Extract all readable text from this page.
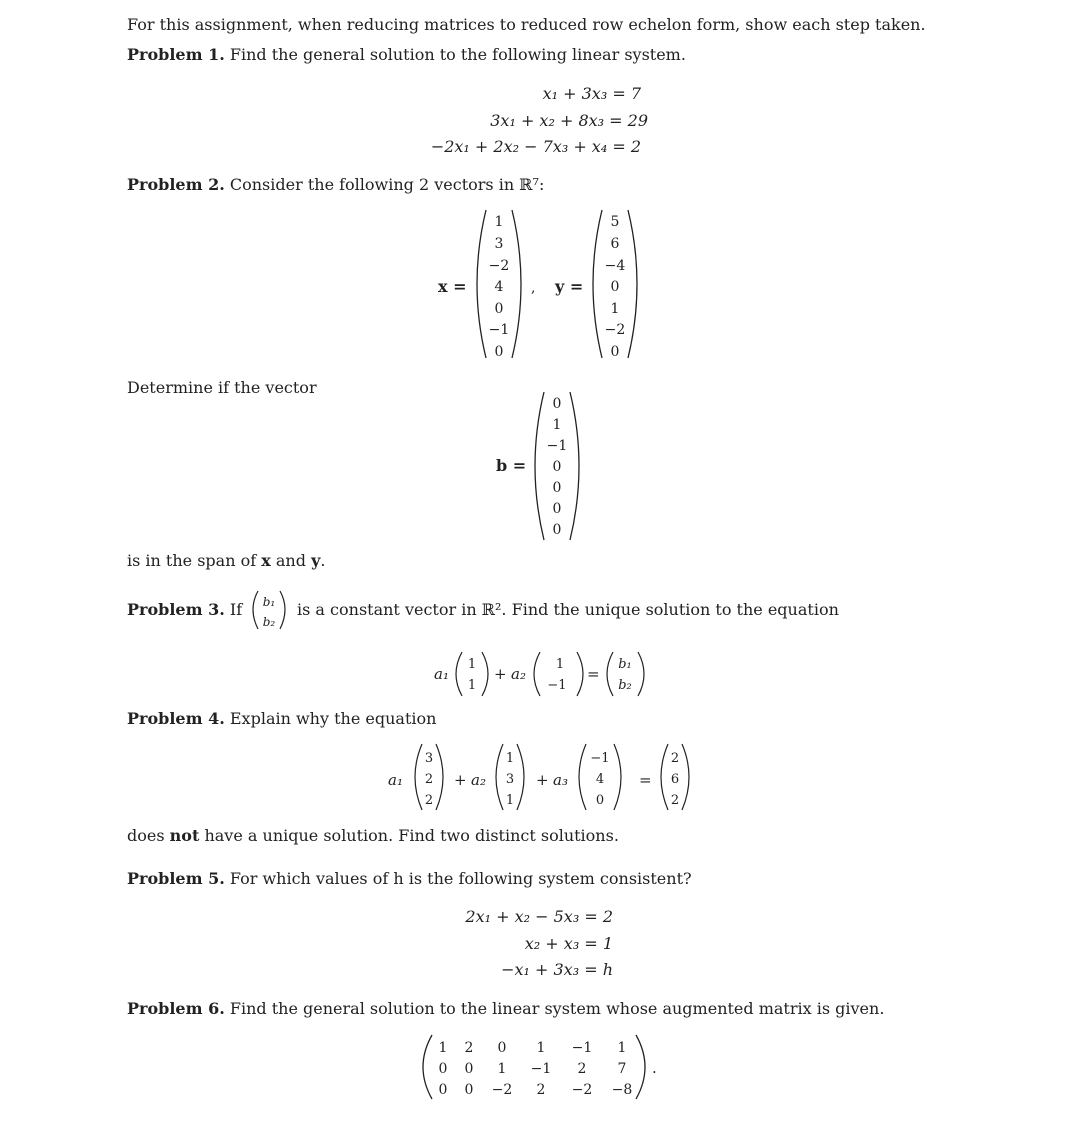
For this assignment, when reducing matrices to reduced row echelon form, show each step taken.
Problem 1. Find the general solution to the following linear system.
x₁ + 3x₃ = 7
3x₁ + x₂ + 8x₃ = 29
−2x₁ + 2x₂ − 7x₃ + x₄ = 2
Problem 2. Consider the following 2 vectors in ℝ⁷:
x =
1
3
−2
4
0
−1
0
, y =
5
6
−4
0
1
−2
0
b =
0
1
−1
0
0
0
0
b₁
b₂
a₁
1
1
+ a₂
1
−1
=
b₁
b₂
a₁
3
2
2
+ a₂
1
3
1
+ a₃
−1
4
0
=
2
6
2
1 2 0 1 −1 1
0 0 1 −1 2 7
0 0 −2 2 −2 −8
.
Determine if the vector
is in the span of x and y.
Problem 3. If	is a constant vector in ℝ². Find the unique solution to the equation
Problem 4. Explain why the equation
does not have a unique solution. Find two distinct solutions.
Problem 5. For which values of h is the following system consistent?
2x₁ + x₂ − 5x₃ = 2
x₂ + x₃ = 1
−x₁ + 3x₃ = h
Problem 6. Find the general solution to the linear system whose augmented matrix is given.
